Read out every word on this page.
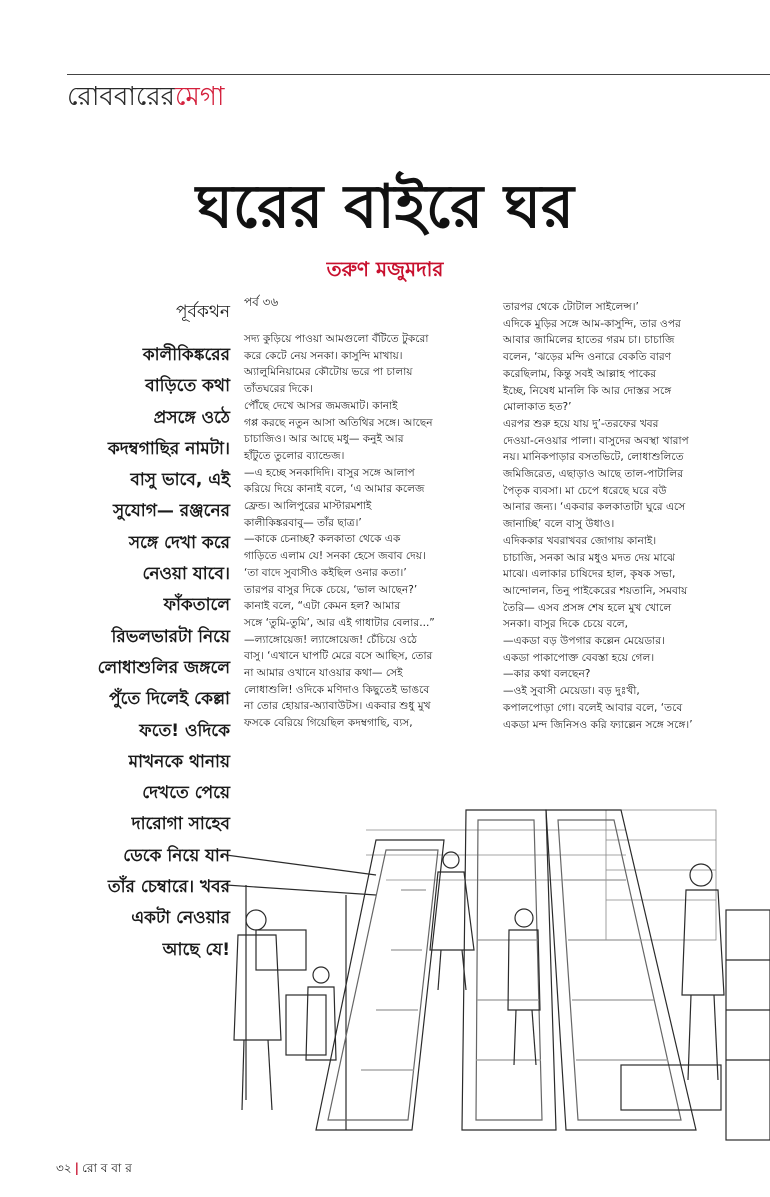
রোববারেরমেগা
ঘরের বাইরে ঘর
তরুণ মজুমদার
পূর্বকথন

কালীকিঙ্করের

বাড়িতে কথা

প্রসঙ্গে ওঠে

কদম্বগাছির নামটা।

বাসু ভাবে, এই

সুযোগ— রঞ্জনের

সঙ্গে দেখা করে

নেওয়া যাবে।

ফাঁকতালে

রিভলভারটা নিয়ে

লোধাশুলির জঙ্গলে

পুঁতে দিলেই কেল্লা

ফতে! ওদিকে

মাখনকে থানায়

দেখতে পেয়ে

দারোগা সাহেব

ডেকে নিয়ে যান

তাঁর চেম্বারে। খবর

একটা নেওয়ার

আছে যে!

পর্ব ৩৬

সদ্য কুড়িয়ে পাওয়া আমগুলো বঁটিতে টুকরো

করে কেটে নেয় সনকা। কাসুন্দি মাখায়।

অ্যালুমিনিয়ামের কৌটোয় ভরে পা চালায়

তাঁতঘরের দিকে।

পৌঁছে দেখে আসর জমজমাট। কানাই

গপ্প করছে নতুন আসা অতিথির সঙ্গে। আছেন

চাচাজিও। আর আছে মধু— কনুই আর

হাঁটুতে তুলোর ব্যান্ডেজ।

—এ হচ্ছে সনকাদিদি। বাসুর সঙ্গে আলাপ

করিয়ে দিয়ে কানাই বলে, ‘এ আমার কলেজ

ফ্রেন্ড। আলিপুরের মাস্টারমশাই

কালীকিঙ্করবাবু— তাঁর ছাত্র।’

—কাকে চেনাচ্ছ? কলকাতা থেকে এক

গাড়িতে এলাম যে! সনকা হেসে জবাব দেয়।

‘তা বাদে সুবাসীও কইছিল ওনার কতা।’

তারপর বাসুর দিকে চেয়ে, ‘ভাল আছেন?’

কানাই বলে, “এটা কেমন হল? আমার

সঙ্গে ‘তুমি-তুমি’, আর এই গাধাটার বেলার...”

—ল্যাঙ্গোয়েজ! ল্যাঙ্গোয়েজ! চেঁচিয়ে ওঠে

বাসু। ‘এখানে ঘাপটি মেরে বসে আছিস, তোর

না আমার ওখানে যাওয়ার কথা— সেই

লোধাশুলি! ওদিকে মণিদাও কিছুতেই ভাঙবে

না তোর হোয়ার-অ্যাবাউটস। একবার শুধু মুখ

ফসকে বেরিয়ে গিয়েছিল কদম্বগাছি, ব্যস,

তারপর থেকে টোটাল সাইলেন্স।’

এদিকে মুড়ির সঙ্গে আম-কাসুন্দি, তার ওপর

আবার জামিলের হাতের গরম চা। চাচাজি

বলেন, ‘ঝড়ের মন্দি ওনারে বেকতি বারণ

করেছিলাম, কিন্তু সবই আল্লাহ পাকের

ইচ্ছে, নিষেধ মানলি কি আর দোস্তর সঙ্গে

মোলাকাত হত?’

এরপর শুরু হয়ে যায় দু’-তরফের খবর

দেওয়া-নেওয়ার পালা। বাসুদের অবস্থা খারাপ

নয়। মানিকপাড়ার বসতভিটে, লোধাশুলিতে

জমিজিরেত, এছাড়াও আছে তাল-পাটালির

পৈতৃক ব্যবসা। মা চেপে ধরেছে ঘরে বউ

আনার জন্য। ‘একবার কলকাতাটা ঘুরে এসে

জানাচ্ছি’ বলে বাসু উধাও।

এদিককার খবরাখবর জোগায় কানাই।

চাচাজি, সনকা আর মধুও মদত দেয় মাঝে

মাঝে। এলাকার চাষিদের হাল, কৃষক সভা,

আন্দোলন, তিনু পাইকেরের শয়তানি, সমবায়

তৈরি— এসব প্রসঙ্গ শেষ হলে মুখ খোলে

সনকা। বাসুর দিকে চেয়ে বলে,

—একডা বড় উপগার কল্লেন মেয়েডার।

একডা পাকাপোক্ত বেবস্তা হয়ে গেল।

—কার কথা বলছেন?

—ওই সুবাসী মেয়েডা। বড় দুঃখী,

কপালপোড়া গো। বলেই আবার বলে, ‘তবে

একডা মন্দ জিনিসও করি ফ্যাল্লেন সঙ্গে সঙ্গে।’

৩২ | রো ব বা র
